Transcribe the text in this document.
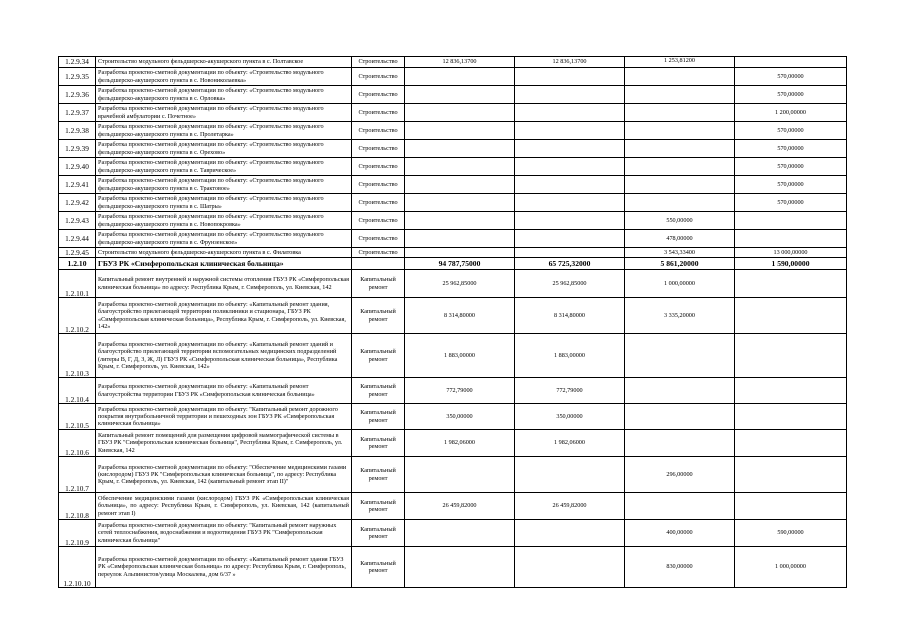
1.2.9.34	Строительство модульного фельдшерско-акушерского пункта в с. Полтавское	Строительство	12 836,13700	12 836,13700	1 253,81200	
1.2.9.35	Разработка проектно-сметной документации по объекту: «Строительство модульного фельдшерско-акушерского пункта в с. Новониколаевка»	Строительство				570,00000
1.2.9.36	Разработка проектно-сметной документации по объекту: «Строительство модульного фельдшерско-акушерского пункта в с. Орловка»	Строительство				570,00000
1.2.9.37	Разработка проектно-сметной документации по объекту: «Строительство модульного врачебной амбулатории с. Почетное»	Строительство				1 200,00000
1.2.9.38	Разработка проектно-сметной документации по объекту: «Строительство модульного фельдшерско-акушерского пункта в с. Пролетарка»	Строительство				570,00000
1.2.9.39	Разработка проектно-сметной документации по объекту: «Строительство модульного фельдшерско-акушерского пункта в с. Орехово»	Строительство				570,00000
1.2.9.40	Разработка проектно-сметной документации по объекту: «Строительство модульного фельдшерско-акушерского пункта в с. Таврическое»	Строительство				570,00000
1.2.9.41	Разработка проектно-сметной документации по объекту: «Строительство модульного фельдшерско-акушерского пункта в с. Трактовое»	Строительство				570,00000
1.2.9.42	Разработка проектно-сметной документации по объекту: «Строительство модульного фельдшерско-акушерского пункта в с. Шатры»	Строительство				570,00000
1.2.9.43	Разработка проектно-сметной документации по объекту: «Строительство модульного фельдшерско-акушерского пункта в с. Новопокровка»	Строительство			550,00000	
1.2.9.44	Разработка проектно-сметной документации по объекту: «Строительство модульного фельдшерско-акушерского пункта в с. Фрунзенское»	Строительство			478,00000	
1.2.9.45	Строительство модульного фельдшерско-акушерского пункта в с. Филатовка	Строительство			3 543,33400	13 000,00000
1.2.10	ГБУЗ РК «Симферопольская клиническая больница»		94 787,75000	65 725,32000	5 861,20000	1 590,00000
1.2.10.1	Капитальный ремонт внутренней и наружной системы отопления ГБУЗ РК «Симферопольская клиническая больница» по адресу: Республика Крым, г. Симферополь, ул. Киевская, 142	Капитальный ремонт	25 962,85000	25 962,85000	1 000,00000	
1.2.10.2	Разработка проектно-сметной документации по объекту: «Капитальный ремонт здания, благоустройство прилегающей территории поликлиники и стационара, ГБУЗ РК «Симферопольская клиническая больница», Республика Крым, г. Симферополь, ул. Киевская, 142»	Капитальный ремонт	8 314,80000	8 314,80000	3 335,20000	
1.2.10.3	Разработка проектно-сметной документации по объекту: «Капитальный ремонт зданий и благоустройство прилегающей территории вспомогательных медицинских подразделений (литеры В, Г, Д, З, Ж, Л) ГБУЗ РК «Симферопольская клиническая больница», Республика Крым, г. Симферополь, ул. Киевская, 142»	Капитальный ремонт	1 883,00000	1 883,00000		
1.2.10.4	Разработка проектно-сметной документации по объекту: «Капитальный ремонт благоустройства территории ГБУЗ РК «Симферопольская клиническая больница»	Капитальный ремонт	772,79000	772,79000		
1.2.10.5	Разработка проектно-сметной документации по объекту: "Капитальный ремонт дорожного покрытия внутрибольничной территории и пешеходных зон ГБУЗ РК «Симферопольская клиническая больница»	Капитальный ремонт	350,00000	350,00000		
1.2.10.6	Капитальный ремонт помещений для размещения цифровой маммографической системы в ГБУЗ РК "Симферопольская клиническая больница", Республика Крым, г. Симферополь, ул. Киевская, 142	Капитальный ремонт	1 982,06000	1 982,06000		
1.2.10.7	Разработка проектно-сметной документации по объекту: "Обеспечение медицинскими газами (кислородом) ГБУЗ РК "Симферопольская клиническая больница", по адресу: Республика Крым, г. Симферополь, ул. Киевская, 142 (капитальный ремонт этап II)"	Капитальный ремонт			296,00000	
1.2.10.8	Обеспечение медицинскими газами (кислородом) ГБУЗ РК «Симферопольская клиническая больница», по адресу: Республика Крым, г. Симферополь, ул. Киевская, 142 (капитальный ремонт этап I)	Капитальный ремонт	26 459,82000	26 459,82000		
1.2.10.9	Разработка проектно-сметной документации по объекту: "Капитальный ремонт наружных сетей теплоснабжения, водоснабжения и водоотведения ГБУЗ РК "Симферопольская клиническая больница"	Капитальный ремонт			400,00000	590,00000
1.2.10.10	Разработка проектно-сметной документации по объекту: «Капитальный ремонт здания ГБУЗ РК «Симферопольская клиническая больница» по адресу: Республика Крым, г. Симферополь, переулок Альпинистов/улица Москалева, дом 6/37 »	Капитальный ремонт			830,00000	1 000,00000
